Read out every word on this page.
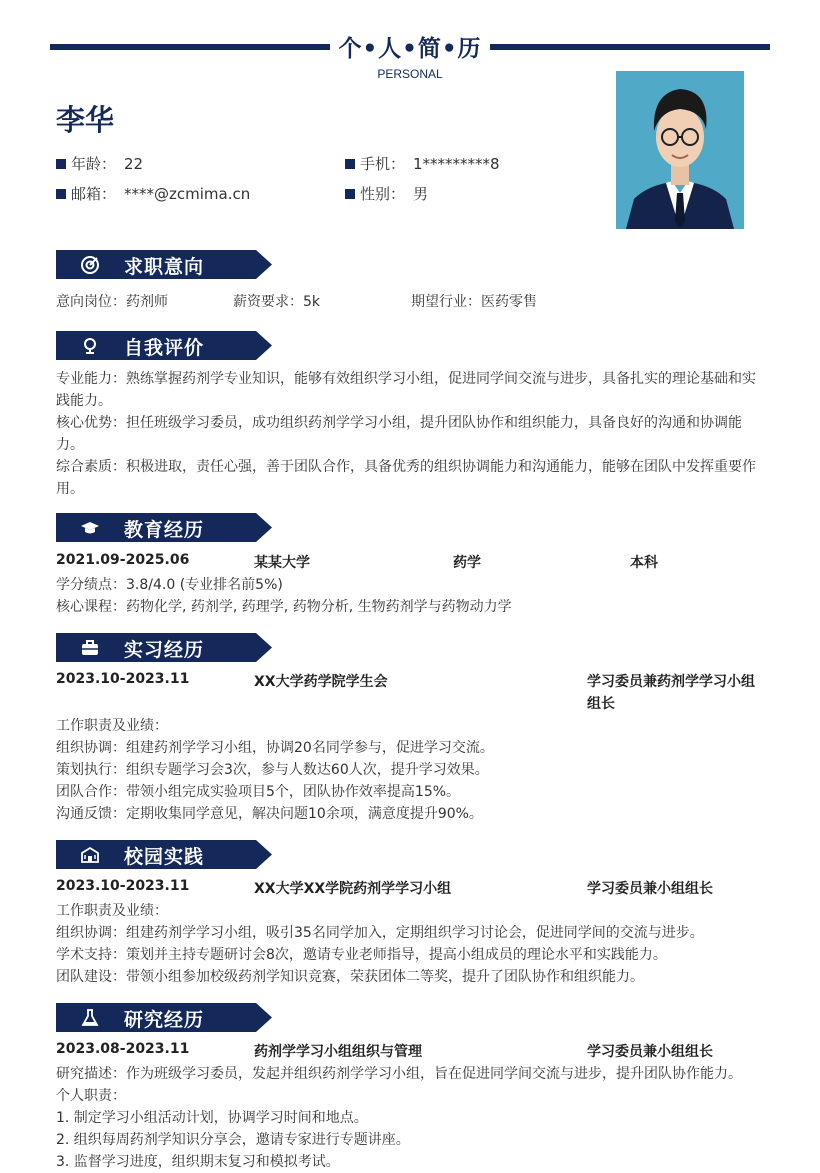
个•人•简•历
PERSONAL
李华
年龄： 22	手机： 1*********8
邮箱： ****@zcmima.cn	性别： 男
求职意向
意向岗位：药剂师	薪资要求：5k	期望行业：医药零售
自我评价
专业能力：熟练掌握药剂学专业知识，能够有效组织学习小组，促进同学间交流与进步，具备扎实的理论基础和实践能力。
核心优势：担任班级学习委员，成功组织药剂学学习小组，提升团队协作和组织能力，具备良好的沟通和协调能力。
综合素质：积极进取，责任心强，善于团队合作，具备优秀的组织协调能力和沟通能力，能够在团队中发挥重要作用。
教育经历
2021.09-2025.06	某某大学	药学	本科
学分绩点：3.8/4.0 (专业排名前5%)
核心课程：药物化学, 药剂学, 药理学, 药物分析, 生物药剂学与药物动力学
实习经历
2023.10-2023.11	XX大学药学院学生会	学习委员兼药剂学学习小组组长
工作职责及业绩：
组织协调：组建药剂学学习小组，协调20名同学参与，促进学习交流。
策划执行：组织专题学习会3次，参与人数达60人次，提升学习效果。
团队合作：带领小组完成实验项目5个，团队协作效率提高15%。
沟通反馈：定期收集同学意见，解决问题10余项，满意度提升90%。
校园实践
2023.10-2023.11	XX大学XX学院药剂学学习小组	学习委员兼小组组长
工作职责及业绩：
组织协调：组建药剂学学习小组，吸引35名同学加入，定期组织学习讨论会，促进同学间的交流与进步。
学术支持：策划并主持专题研讨会8次，邀请专业老师指导，提高小组成员的理论水平和实践能力。
团队建设：带领小组参加校级药剂学知识竞赛，荣获团体二等奖，提升了团队协作和组织能力。
研究经历
2023.08-2023.11	药剂学学习小组组织与管理	学习委员兼小组组长
研究描述：作为班级学习委员，发起并组织药剂学学习小组，旨在促进同学间交流与进步，提升团队协作能力。
个人职责：
1. 制定学习小组活动计划，协调学习时间和地点。
2. 组织每周药剂学知识分享会，邀请专家进行专题讲座。
3. 监督学习进度，组织期末复习和模拟考试。
